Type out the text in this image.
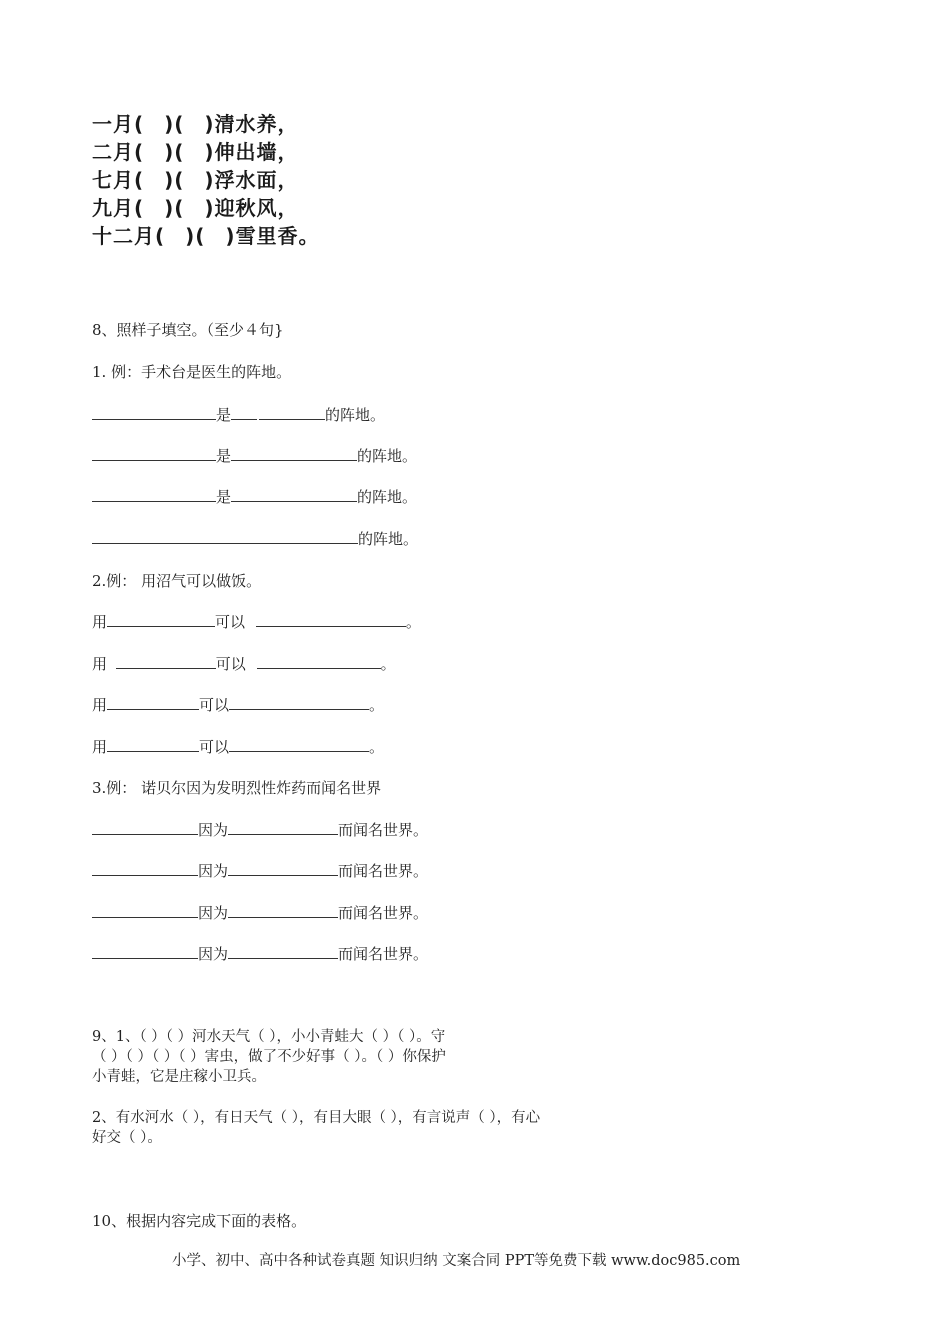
一月( )( )清水养，
二月( )( )伸出墙，
七月( )( )浮水面，
九月( )( )迎秋风，
十二月( )( )雪里香。
8、照样子填空。（至少４句}
1. 例：手术台是医生的阵地。
是	的阵地。
是	的阵地。
是	的阵地。
的阵地。
2.例： 用沼气可以做饭。
用	可以	。
用	可以	。
用	可以	。
用	可以	。
3.例： 诺贝尔因为发明烈性炸药而闻名世界
因为	而闻名世界。
因为	而闻名世界。
因为	而闻名世界。
因为	而闻名世界。
9、1、（ ）（ ）河水天气（ ），小小青蛙大（ ）（ ）。守
（ ）（ ）（ ）（ ）害虫，做了不少好事（ ）。（ ）你保护
小青蛙，它是庄稼小卫兵。
2、有水河水（ ），有日天气（ ），有目大眼（ ），有言说声（ ），有心
好交（ ）。
10、根据内容完成下面的表格。
小学、初中、高中各种试卷真题 知识归纳 文案合同 PPT等免费下载 www.doc985.com
